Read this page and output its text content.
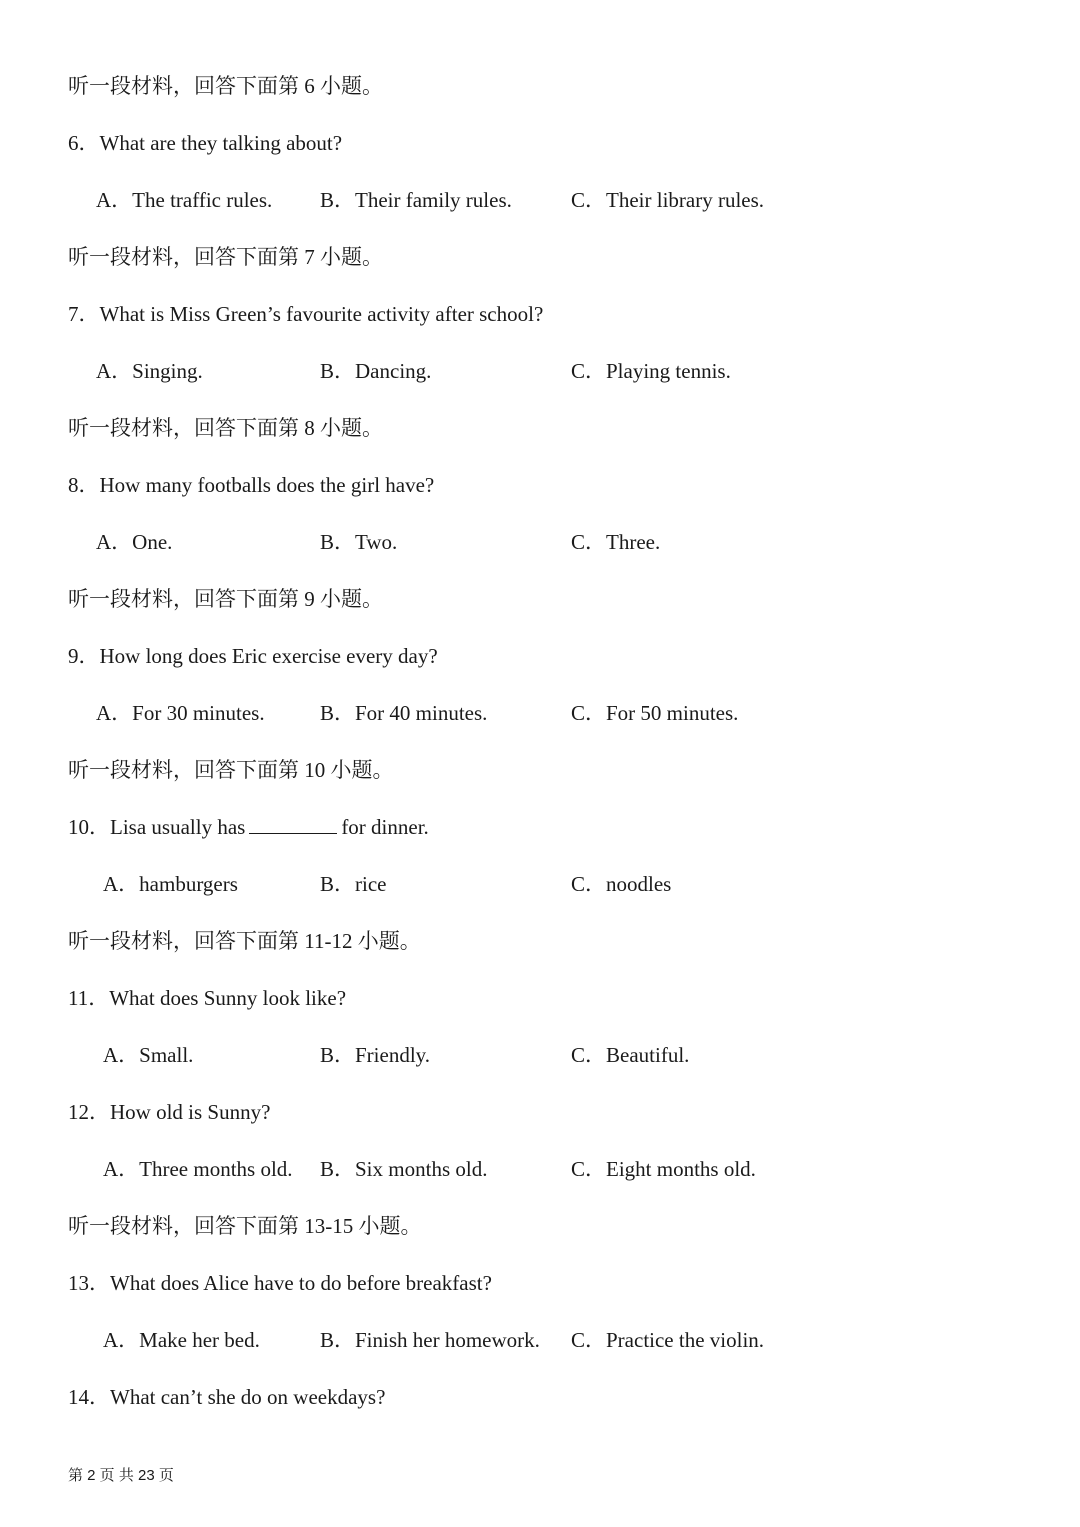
听一段材料，回答下面第 6 小题。
6．What are they talking about?
A．The traffic rules. B．Their family rules.	C．Their library rules.
听一段材料，回答下面第 7 小题。
7．What is Miss Green’s favourite activity after school?
A．Singing.	B．Dancing.	C．Playing tennis.
听一段材料，回答下面第 8 小题。
8．How many footballs does the girl have?
A．One.	B．Two.	C．Three.
听一段材料，回答下面第 9 小题。
9．How long does Eric exercise every day?
A．For 30 minutes.	B．For 40 minutes.	C．For 50 minutes.
听一段材料，回答下面第 10 小题。
10．Lisa usually has	for dinner.
A．hamburgers	B．rice	C．noodles
听一段材料，回答下面第 11-12 小题。
11．What does Sunny look like?
A．Small.	B．Friendly.	C．Beautiful.
12．How old is Sunny?
A．Three months old. B．Six months old.	C．Eight months old.
听一段材料，回答下面第 13-15 小题。
13．What does Alice have to do before breakfast?
A．Make her bed.	B．Finish her homework. C．Practice the violin.
14．What can’t she do on weekdays?
第 2 页 共 23 页
